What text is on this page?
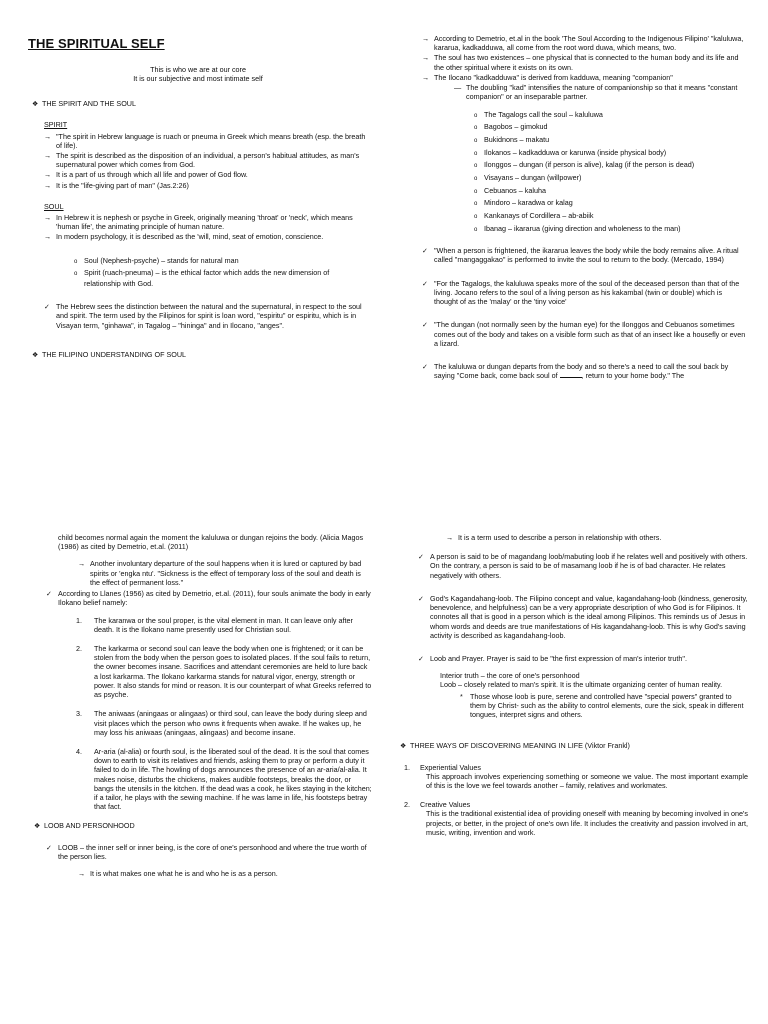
THE SPIRITUAL SELF
This is who we are at our core
It is our subjective and most intimate self
❖ THE SPIRIT AND THE SOUL
SPIRIT
→ "The spirit in Hebrew language is ruach or pneuma in Greek which means breath (esp. the breath of life).
→ The spirit is described as the disposition of an individual, a person's habitual attitudes, as man's supernatural power which comes from God.
→ It is a part of us through which all life and power of God flow.
→ It is the "life-giving part of man" (Jas.2:26)
SOUL
→ In Hebrew it is nephesh or psyche in Greek, originally meaning 'throat' or 'neck', which means 'human life', the animating principle of human nature.
→ In modern psychology, it is described as the 'will, mind, seat of emotion, conscience.
o Soul (Nephesh-psyche) – stands for natural man
o Spirit (ruach-pneuma) – is the ethical factor which adds the new dimension of relationship with God.
✓ The Hebrew sees the distinction between the natural and the supernatural, in respect to the soul and spirit. The term used by the Filipinos for spirit is loan word, "espiritu" or espiritu, which is in Visayan term, "ginhawa", in Tagalog – "hininga" and in Ilocano, "anges".
❖ THE FILIPINO UNDERSTANDING OF SOUL
→ According to Demetrio, et.al in the book 'The Soul According to the Indigenous Filipino' "kaluluwa, kararua, kadkadduwa, all come from the root word duwa, which means, two.
→ The soul has two existences – one physical that is connected to the human body and its life and the other spiritual where it exists on its own.
→ The Ilocano "kadkadduwa" is derived from kadduwa, meaning "companion"
— The doubling "kad" intensifies the nature of companionship so that it means "constant companion" or an inseparable partner.
o The Tagalogs call the soul – kaluluwa
o Bagobos – gimokud
o Bukidnons – makatu
o Ilokanos – kadkadduwa or karurwa (inside physical body)
o Ilonggos – dungan (if person is alive), kalag (if the person is dead)
o Visayans – dungan (willpower)
o Cebuanos – kaluha
o Mindoro – karadwa or kalag
o Kankanays of Cordillera – ab-abiik
o Ibanag – ikararua (giving direction and wholeness to the man)
✓ "When a person is frightened, the ikararua leaves the body while the body remains alive. A ritual called "mangaggakao" is performed to invite the soul to return to the body. (Mercado, 1994)
✓ "For the Tagalogs, the kaluluwa speaks more of the soul of the deceased person than that of the living. Jocano refers to the soul of a living person as his kakambal (twin or double) which is thought of as the 'malay' or the 'tiny voice'
✓ "The dungan (not normally seen by the human eye) for the Ilonggos and Cebuanos sometimes comes out of the body and takes on a visible form such as that of an insect like a housefly or even a lizard.
✓ The kaluluwa or dungan departs from the body and so there's a need to call the soul back by saying "Come back, come back soul of	, return to your home body." The
child becomes normal again the moment the kaluluwa or dungan rejoins the body. (Alicia Magos (1986) as cited by Demetrio, et.al. (2011)
→ Another involuntary departure of the soul happens when it is lured or captured by bad spirits or 'engka ntu'. "Sickness is the effect of temporary loss of the soul and death is the effect of permanent loss."
✓ According to Llanes (1956) as cited by Demetrio, et.al. (2011), four souls animate the body in early Ilokano belief namely:
1. The karanwa or the soul proper, is the vital element in man. It can leave only after death. It is the Ilokano name presently used for Christian soul.
2. The karkarma or second soul can leave the body when one is frightened; or it can be stolen from the body when the person goes to isolated places. If the soul fails to return, the owner becomes insane. Sacrifices and attendant ceremonies are held to lure back a lost karkarma. The Ilokano karkarma stands for natural vigor, energy, strength or power. It also stands for mind or reason. It is our counterpart of what Greeks referred to as psyche.
3. The aniwaas (aningaas or alingaas) or third soul, can leave the body during sleep and visit places which the person who owns it frequents when awake. If he wakes up, he may loss his aniwaas (aningaas, alingaas) and become insane.
4. Ar-aria (al-alia) or fourth soul, is the liberated soul of the dead. It is the soul that comes down to earth to visit its relatives and friends, asking them to pray or perform a duty it failed to do in life. The howling of dogs announces the presence of an ar-aria/al-alia. It makes noise, disturbs the chickens, makes audible footsteps, breaks the door, or bangs the utensils in the kitchen. If the dead was a cook, he likes staying in the kitchen; if a tailor, he plays with the sewing machine. If he was lame in life, his footsteps betray that fact.
❖ LOOB AND PERSONHOOD
✓ LOOB – the inner self or inner being, is the core of one's personhood and where the true worth of the person lies.
→ It is what makes one what he is and who he is as a person.
→ It is a term used to describe a person in relationship with others.
✓ A person is said to be of magandang loob/mabuting loob if he relates well and positively with others. On the contrary, a person is said to be of masamang loob if he is of bad character. He relates negatively with others.
✓ God's Kagandahang-loob. The Filipino concept and value, kagandahang-loob (kindness, generosity, benevolence, and helpfulness) can be a very appropriate description of who God is for Filipinos. It connotes all that is good in a person which is the ideal among Filipinos. This reminds us of Jesus in whom words and deeds are true manifestations of His kagandahang-loob. This is why God's saving activity is described as kagandahang-loob.
✓ Loob and Prayer. Prayer is said to be "the first expression of man's interior truth".
Interior truth – the core of one's personhood
Loob – closely related to man's spirit. It is the ultimate organizing center of human reality.
* Those whose loob is pure, serene and controlled have "special powers" granted to them by Christ- such as the ability to control elements, cure the sick, speak in different tongues, interpret signs and others.
❖ THREE WAYS OF DISCOVERING MEANING IN LIFE (Viktor Frankl)
1. Experiential Values
This approach involves experiencing something or someone we value. The most important example of this is the love we feel towards another – family, relatives and workmates.
2. Creative Values
This is the traditional existential idea of providing oneself with meaning by becoming involved in one's projects, or better, in the project of one's own life. It includes the creativity and passion involved in art, music, writing, invention and work.
